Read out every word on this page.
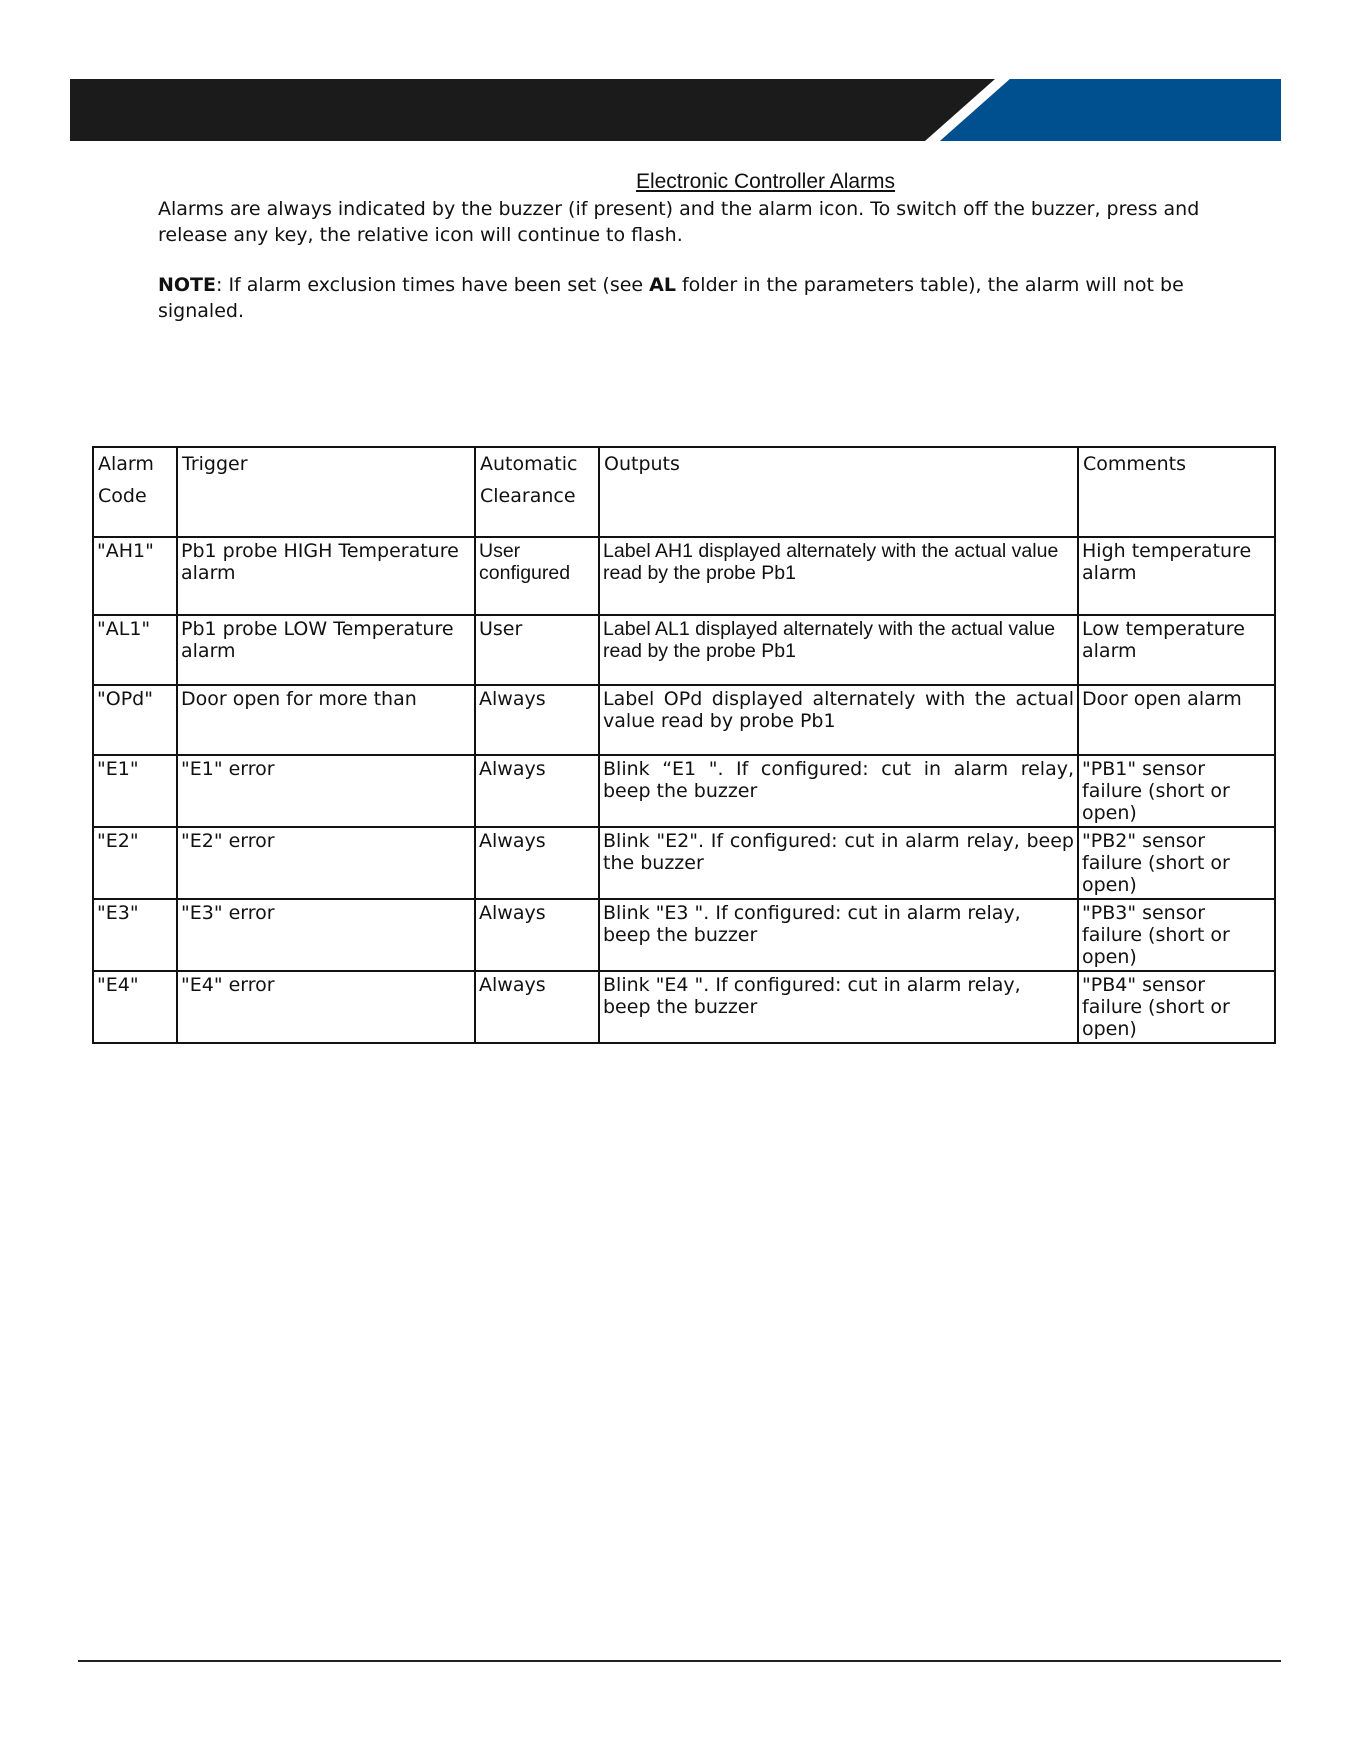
Electronic Controller Alarms

Alarms are always indicated by the buzzer (if present) and the alarm icon. To switch off the buzzer, press and release any key, the relative icon will continue to flash.

NOTE: If alarm exclusion times have been set (see AL folder in the parameters table), the alarm will not be signaled.

Alarm Code	Trigger	Automatic Clearance	Outputs	Comments
"AH1"	Pb1 probe HIGH Temperature alarm	User configured	Label AH1 displayed alternately with the actual value read by the probe Pb1	High temperature alarm
"AL1"	Pb1 probe LOW Temperature alarm	User	Label AL1 displayed alternately with the actual value read by the probe Pb1	Low temperature alarm
"OPd"	Door open for more than	Always	Label OPd displayed alternately with the actual value read by probe Pb1	Door open alarm
"E1"	"E1" error	Always	Blink “E1 ". If configured: cut in alarm relay, beep the buzzer	"PB1" sensor failure (short or open)
"E2"	"E2" error	Always	Blink "E2". If configured: cut in alarm relay, beep the buzzer	"PB2" sensor failure (short or open)
"E3"	"E3" error	Always	Blink "E3 ". If configured: cut in alarm relay, beep the buzzer	"PB3" sensor failure (short or open)
"E4"	"E4" error	Always	Blink "E4 ". If configured: cut in alarm relay, beep the buzzer	"PB4" sensor failure (short or open)
